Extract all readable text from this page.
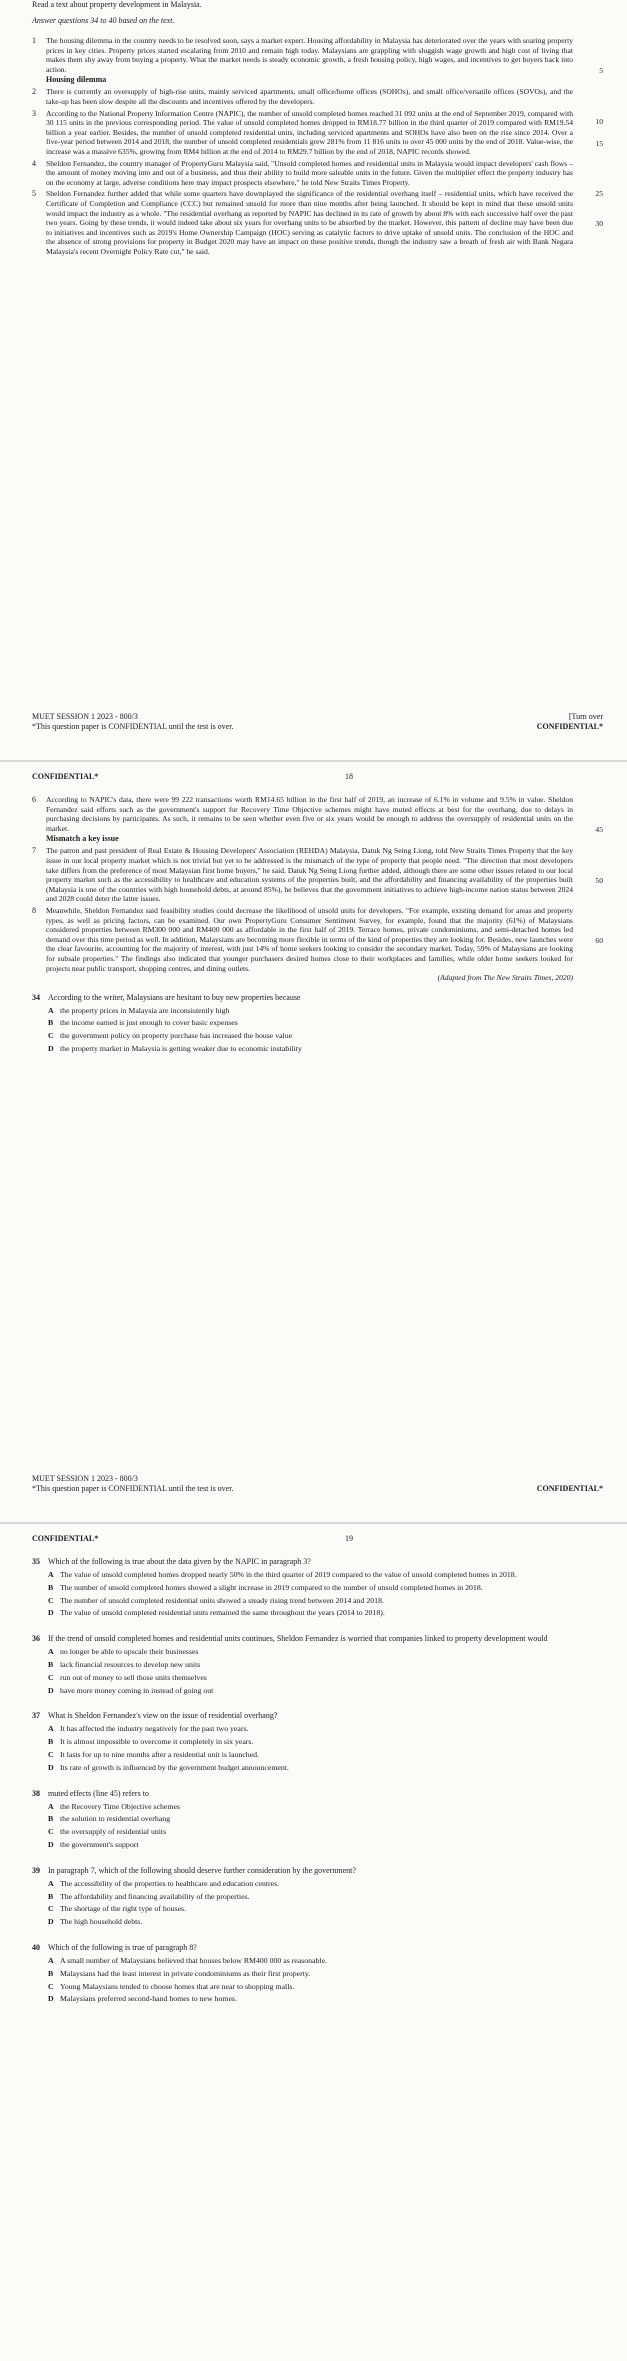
Read a text about property development in Malaysia.
Answer questions 34 to 40 based on the text.
1	The housing dilemma in the country needs to be resolved soon, says a market expert. Housing affordability in Malaysia has deteriorated over the years with soaring property prices in key cities. Property prices started escalating from 2010 and remain high today. Malaysians are grappling with sluggish wage growth and high cost of living that makes them shy away from buying a property. What the market needs is steady economic growth, a fresh housing policy, high wages, and incentives to get buyers back into action.	5
Housing dilemma
2	There is currently an oversupply of high-rise units, mainly serviced apartments, small office/home offices (SOHOs), and small office/versatile offices (SOVOs), and the take-up has been slow despite all the discounts and incentives offered by the developers.
10
3	According to the National Property Information Centre (NAPIC), the number of unsold completed homes reached 31 092 units at the end of September 2019, compared with 30 115 units in the previous corresponding period. The value of unsold completed homes dropped to RM18.77 billion in the third quarter of 2019 compared with RM19.54 billion a year earlier. Besides, the number of unsold completed residential units, including serviced apartments and SOHOs have also been on the rise since 2014. Over a five-year period between 2014 and 2018, the number of unsold completed residentials grew 281% from 11 816 units to over 45 000 units by the end of 2018. Value-wise, the increase was a massive 635%, growing from RM4 billion at the end of 2014 to RM29.7 billion by the end of 2018, NAPIC records showed.
15
4	Sheldon Fernandez, the country manager of PropertyGuru Malaysia said, "Unsold completed homes and residential units in Malaysia would impact developers' cash flows – the amount of money moving into and out of a business, and thus their ability to build more saleable units in the future. Given the multiplier effect the property industry has on the economy at large, adverse conditions here may impact prospects elsewhere," he told New Straits Times Property.
25
5	Sheldon Fernandez further added that while some quarters have downplayed the significance of the residential overhang itself – residential units, which have received the Certificate of Completion and Compliance (CCC) but remained unsold for more than nine months after being launched. It should be kept in mind that these unsold units would impact the industry as a whole. "The residential overhang as reported by NAPIC has declined in its rate of growth by about 8% with each successive half over the past two years. Going by these trends, it would indeed take about six years for overhang units to be absorbed by the market. However, this pattern of decline may have been due to initiatives and incentives such as 2019's Home Ownership Campaign (HOC) serving as catalytic factors to drive uptake of unsold units. The conclusion of the HOC and the absence of strong provisions for property in Budget 2020 may have an impact on these positive trends, though the industry saw a breath of fresh air with Bank Negara Malaysia's recent Overnight Policy Rate cut," he said.
30
MUET SESSION 1 2023 - 800/3	[Turn over
*This question paper is CONFIDENTIAL until the test is over.	CONFIDENTIAL*
CONFIDENTIAL*	18
6	According to NAPIC's data, there were 99 222 transactions worth RM14.65 billion in the first half of 2019, an increase of 6.1% in volume and 9.5% in value. Sheldon Fernandez said efforts such as the government's support for Recovery Time Objective schemes might have muted effects at best for the overhang, due to delays in purchasing decisions by participants. As such, it remains to be seen whether even five or six years would be enough to address the oversupply of residential units on the market.	45
Mismatch a key issue
7	The patron and past president of Real Estate & Housing Developers' Association (REHDA) Malaysia, Datuk Ng Seing Liong, told New Straits Times Property that the key issue in our local property market which is not trivial but yet to be addressed is the mismatch of the type of property that people need. "The direction that most developers take differs from the preference of most Malaysian first home buyers," he said. Datuk Ng Seing Liong further added, although there are some other issues related to our local property market such as the accessibility to healthcare and education systems of the properties built, and the affordability and financing availability of the properties built (Malaysia is one of the countries with high household debts, at around 85%), he believes that the government initiatives to achieve high-income nation status between 2024 and 2028 could deter the latter issues.
50
8	Meanwhile, Sheldon Fernandez said feasibility studies could decrease the likelihood of unsold units for developers. "For example, existing demand for areas and property types, as well as pricing factors, can be examined. Our own PropertyGuru Consumer Sentiment Survey, for example, found that the majority (61%) of Malaysians considered properties between RM300 000 and RM400 000 as affordable in the first half of 2019. Terrace homes, private condominiums, and semi-detached homes led demand over this time period as well. In addition, Malaysians are becoming more flexible in terms of the kind of properties they are looking for. Besides, new launches were the clear favourite, accounting for the majority of interest, with just 14% of home seekers looking to consider the secondary market. Today, 59% of Malaysians are looking for subsale properties." The findings also indicated that younger purchasers desired homes close to their workplaces and families, while older home seekers looked for projects near public transport, shopping centres, and dining outlets.
60
(Adapted from The New Straits Times, 2020)
34	According to the writer, Malaysians are hesitant to buy new properties because
A the property prices in Malaysia are inconsistently high
B the income earned is just enough to cover basic expenses
C the government policy on property purchase has increased the house value
D the property market in Malaysia is getting weaker due to economic instability
MUET SESSION 1 2023 - 800/3
*This question paper is CONFIDENTIAL until the test is over.	CONFIDENTIAL*
CONFIDENTIAL*	19
35	Which of the following is true about the data given by the NAPIC in paragraph 3?
A The value of unsold completed homes dropped nearly 50% in the third quarter of 2019 compared to the value of unsold completed homes in 2018.
B The number of unsold completed homes showed a slight increase in 2019 compared to the number of unsold completed homes in 2018.
C The number of unsold completed residential units showed a steady rising trend between 2014 and 2018.
D The value of unsold completed residential units remained the same throughout the years (2014 to 2018).
36	If the trend of unsold completed homes and residential units continues, Sheldon Fernandez is worried that companies linked to property development would
A no longer be able to upscale their businesses
B lack financial resources to develop new units
C run out of money to sell those units themselves
D have more money coming in instead of going out
37	What is Sheldon Fernandez's view on the issue of residential overhang?
A It has affected the industry negatively for the past two years.
B It is almost impossible to overcome it completely in six years.
C It lasts for up to nine months after a residential unit is launched.
D Its rate of growth is influenced by the government budget announcement.
38	muted effects (line 45) refers to
A the Recovery Time Objective schemes
B the solution to residential overhang
C the oversupply of residential units
D the government's support
39	In paragraph 7, which of the following should deserve further consideration by the government?
A The accessibility of the properties to healthcare and education centres.
B The affordability and financing availability of the properties.
C The shortage of the right type of houses.
D The high household debts.
40	Which of the following is true of paragraph 8?
A A small number of Malaysians believed that houses below RM400 000 as reasonable.
B Malaysians had the least interest in private condominiums as their first property.
C Young Malaysians tended to choose homes that are near to shopping malls.
D Malaysians preferred second-hand homes to new homes.
